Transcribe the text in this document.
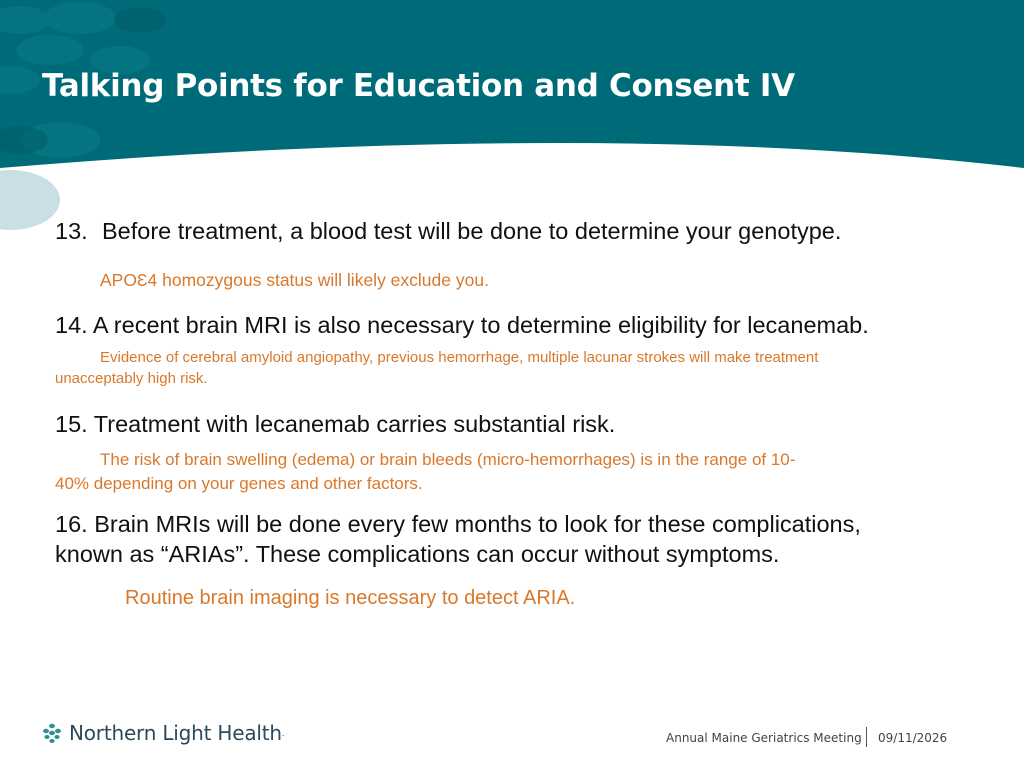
Talking Points for Education and Consent IV
13. Before treatment, a blood test will be done to determine your genotype.

APOƐ4 homozygous status will likely exclude you.

14. A recent brain MRI is also necessary to determine eligibility for lecanemab.

Evidence of cerebral amyloid angiopathy, previous hemorrhage, multiple lacunar strokes will make treatment

unacceptably high risk.

15. Treatment with lecanemab carries substantial risk.

The risk of brain swelling (edema) or brain bleeds (micro-hemorrhages) is in the range of 10-

40% depending on your genes and other factors.

16. Brain MRIs will be done every few months to look for these complications,

known as “ARIAs”. These complications can occur without symptoms.

Routine brain imaging is necessary to detect ARIA.

Northern Light Health .	Annual Maine Geriatrics Meeting 09/11/2026
